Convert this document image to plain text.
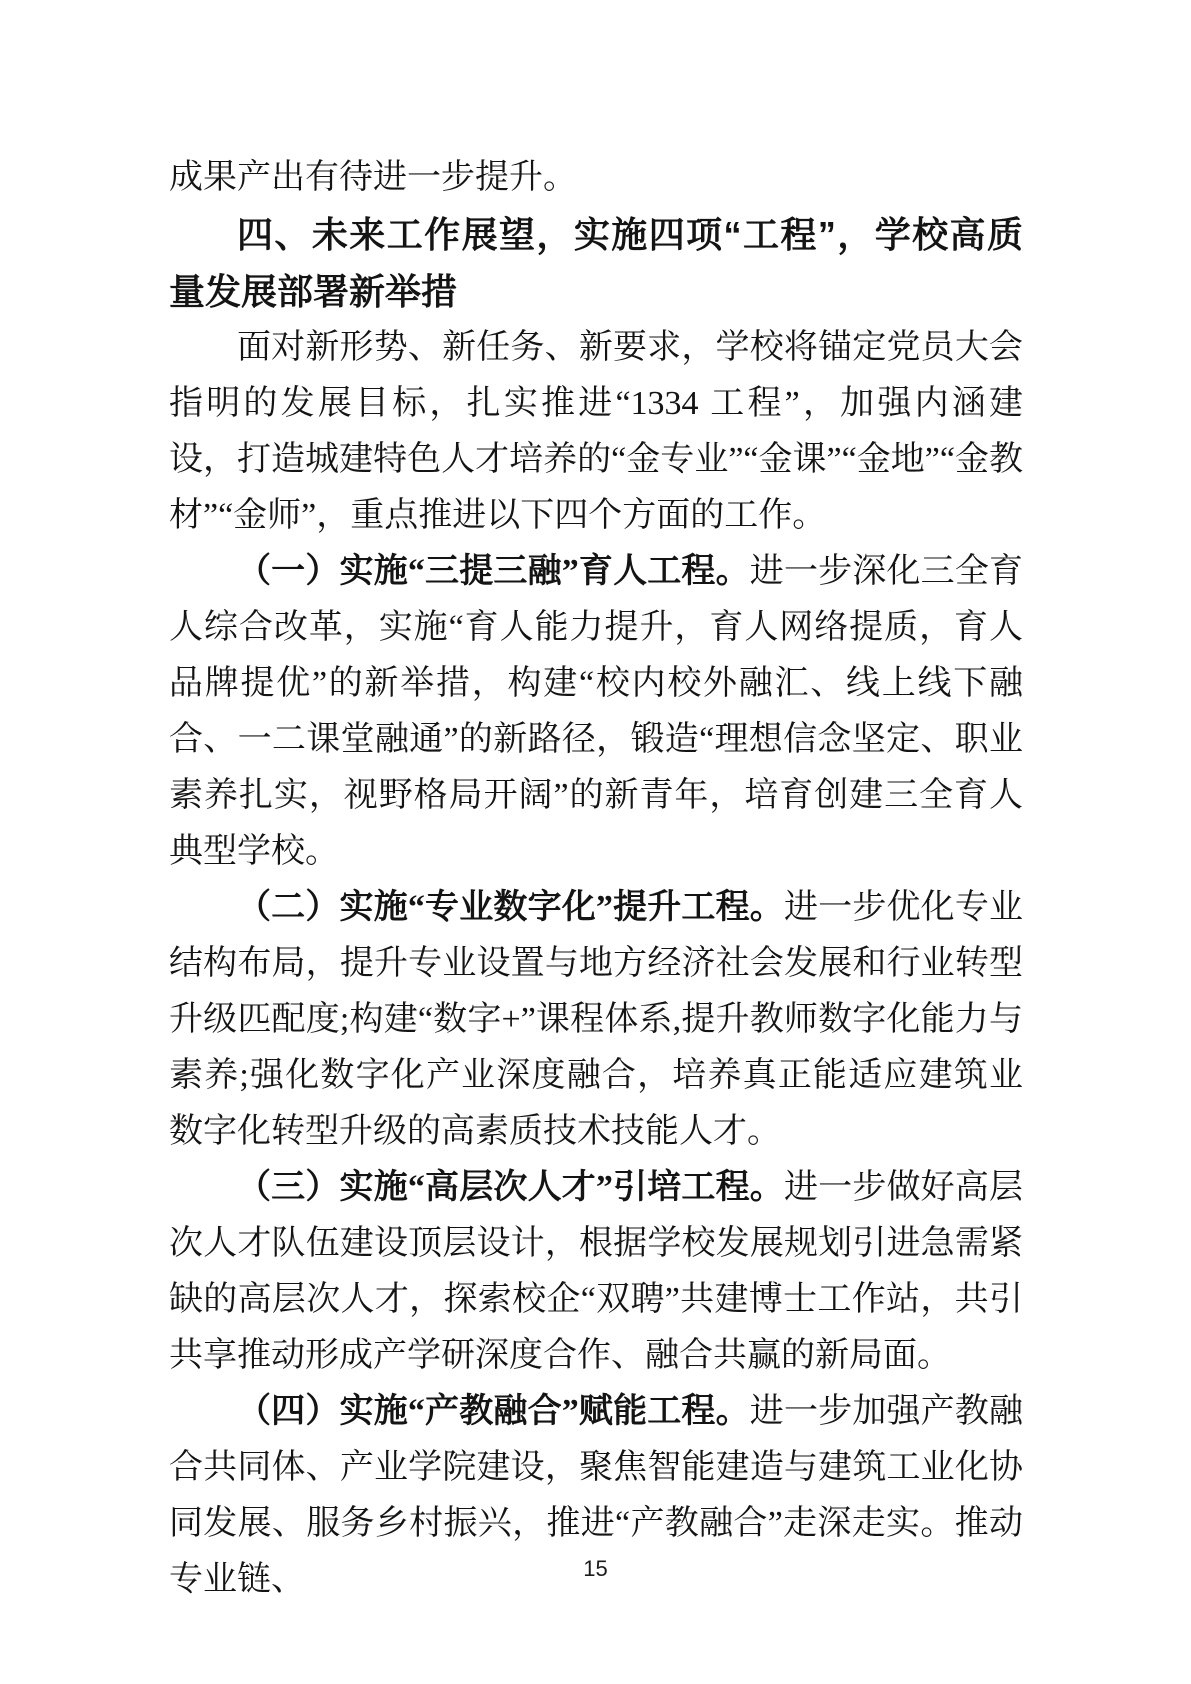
成果产出有待进一步提升。

四、未来工作展望，实施四项“工程”，学校高质量发展部署新举措

面对新形势、新任务、新要求，学校将锚定党员大会指明的发展目标，扎实推进“1334 工程”，加强内涵建设，打造城建特色人才培养的“金专业”“金课”“金地”“金教材”“金师”，重点推进以下四个方面的工作。

（一）实施“三提三融”育人工程。进一步深化三全育人综合改革，实施“育人能力提升，育人网络提质，育人品牌提优”的新举措，构建“校内校外融汇、线上线下融合、一二课堂融通”的新路径，锻造“理想信念坚定、职业素养扎实，视野格局开阔”的新青年，培育创建三全育人典型学校。

（二）实施“专业数字化”提升工程。进一步优化专业结构布局，提升专业设置与地方经济社会发展和行业转型升级匹配度;构建“数字+”课程体系,提升教师数字化能力与素养;强化数字化产业深度融合，培养真正能适应建筑业数字化转型升级的高素质技术技能人才。

（三）实施“高层次人才”引培工程。进一步做好高层次人才队伍建设顶层设计，根据学校发展规划引进急需紧缺的高层次人才，探索校企“双聘”共建博士工作站，共引共享推动形成产学研深度合作、融合共赢的新局面。

（四）实施“产教融合”赋能工程。进一步加强产教融合共同体、产业学院建设，聚焦智能建造与建筑工业化协同发展、服务乡村振兴，推进“产教融合”走深走实。推动专业链、	15
